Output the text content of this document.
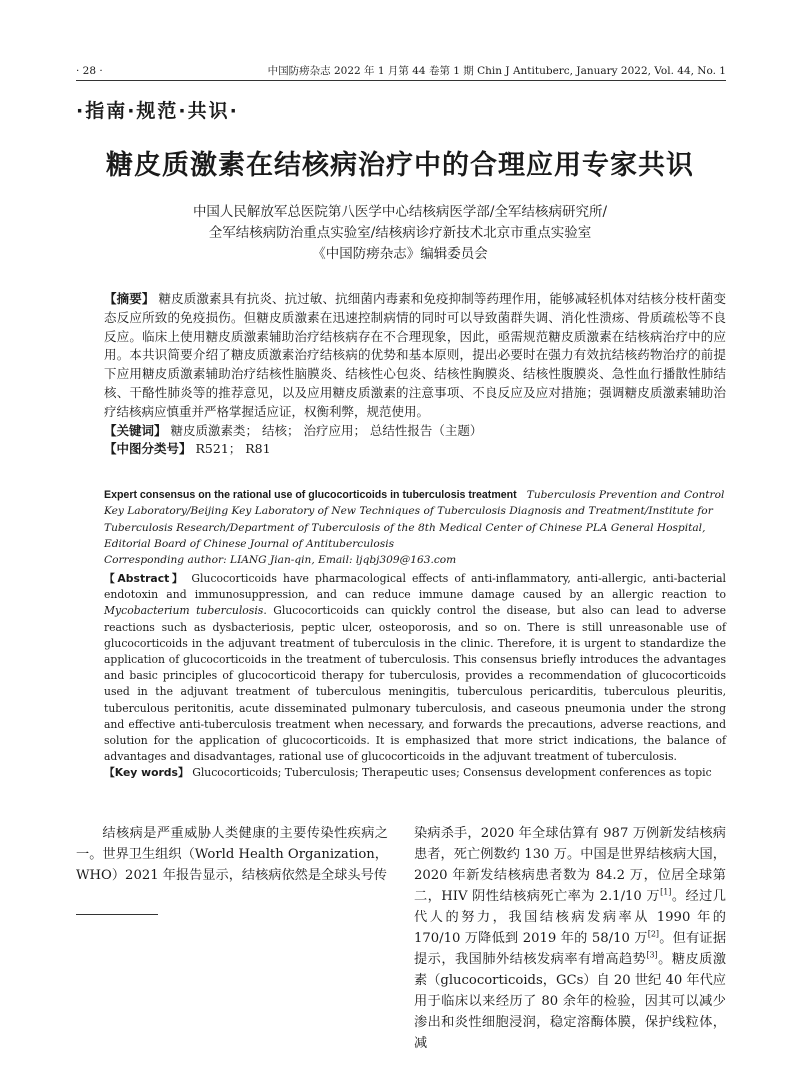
· 28 ·	中国防痨杂志 2022 年 1 月第 44 卷第 1 期 Chin J Antituberc, January 2022, Vol. 44, No. 1
·指南·规范·共识·
糖皮质激素在结核病治疗中的合理应用专家共识
中国人民解放军总医院第八医学中心结核病医学部/全军结核病研究所/
全军结核病防治重点实验室/结核病诊疗新技术北京市重点实验室
《中国防痨杂志》编辑委员会

【摘要】 糖皮质激素具有抗炎、抗过敏、抗细菌内毒素和免疫抑制等药理作用，能够减轻机体对结核分枝杆菌变态反应所致的免疫损伤。但糖皮质激素在迅速控制病情的同时可以导致菌群失调、消化性溃疡、骨质疏松等不良反应。临床上使用糖皮质激素辅助治疗结核病存在不合理现象，因此，亟需规范糖皮质激素在结核病治疗中的应用。本共识简要介绍了糖皮质激素治疗结核病的优势和基本原则，提出必要时在强力有效抗结核药物治疗的前提下应用糖皮质激素辅助治疗结核性脑膜炎、结核性心包炎、结核性胸膜炎、结核性腹膜炎、急性血行播散性肺结核、干酪性肺炎等的推荐意见，以及应用糖皮质激素的注意事项、不良反应及应对措施；强调糖皮质激素辅助治疗结核病应慎重并严格掌握适应证，权衡利弊，规范使用。

【关键词】 糖皮质激素类； 结核； 治疗应用； 总结性报告（主题）

【中图分类号】 R521； R81

Expert consensus on the rational use of glucocorticoids in tuberculosis treatment Tuberculosis Prevention and Control Key Laboratory/Beijing Key Laboratory of New Techniques of Tuberculosis Diagnosis and Treatment/Institute for Tuberculosis Research/Department of Tuberculosis of the 8th Medical Center of Chinese PLA General Hospital, Editorial Board of Chinese Journal of Antituberculosis

Corresponding author: LIANG Jian-qin, Email: ljqbj309@163.com

【Abstract】 Glucocorticoids have pharmacological effects of anti-inflammatory, anti-allergic, anti-bacterial endotoxin and immunosuppression, and can reduce immune damage caused by an allergic reaction to Mycobacterium tuberculosis. Glucocorticoids can quickly control the disease, but also can lead to adverse reactions such as dysbacteriosis, peptic ulcer, osteoporosis, and so on. There is still unreasonable use of glucocorticoids in the adjuvant treatment of tuberculosis in the clinic. Therefore, it is urgent to standardize the application of glucocorticoids in the treatment of tuberculosis. This consensus briefly introduces the advantages and basic principles of glucocorticoid therapy for tuberculosis, provides a recommendation of glucocorticoids used in the adjuvant treatment of tuberculous meningitis, tuberculous pericarditis, tuberculous pleuritis, tuberculous peritonitis, acute disseminated pulmonary tuberculosis, and caseous pneumonia under the strong and effective anti-tuberculosis treatment when necessary, and forwards the precautions, adverse reactions, and solution for the application of glucocorticoids. It is emphasized that more strict indications, the balance of advantages and disadvantages, rational use of glucocorticoids in the adjuvant treatment of tuberculosis.

【Key words】 Glucocorticoids; Tuberculosis; Therapeutic uses; Consensus development conferences as topic

结核病是严重威胁人类健康的主要传染性疾病之一。世界卫生组织（World Health Organization，WHO）2021 年报告显示，结核病依然是全球头号传

染病杀手，2020 年全球估算有 987 万例新发结核病患者，死亡例数约 130 万。中国是世界结核病大国，2020 年新发结核病患者数为 84.2 万，位居全球第二，HIV 阴性结核病死亡率为 2.1/10 万[1]。经过几代人的努力，我国结核病发病率从 1990 年的 170/10 万降低到 2019 年的 58/10 万[2]。但有证据提示，我国肺外结核发病率有增高趋势[3]。糖皮质激素（glucocorticoids，GCs）自 20 世纪 40 年代应用于临床以来经历了 80 余年的检验，因其可以减少渗出和炎性细胞浸润，稳定溶酶体膜，保护线粒体，减
